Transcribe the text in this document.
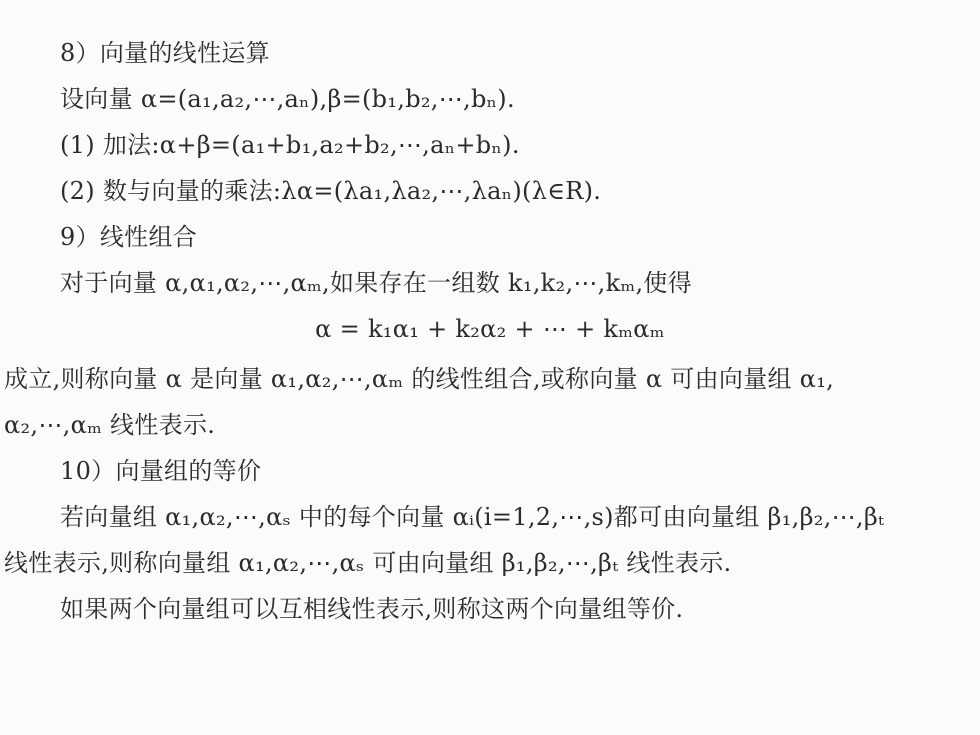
8）向量的线性运算
设向量 α=(a₁,a₂,⋯,aₙ),β=(b₁,b₂,⋯,bₙ).
(1) 加法:α+β=(a₁+b₁,a₂+b₂,⋯,aₙ+bₙ).
(2) 数与向量的乘法:λα=(λa₁,λa₂,⋯,λaₙ)(λ∈R).
9）线性组合
对于向量 α,α₁,α₂,⋯,αₘ,如果存在一组数 k₁,k₂,⋯,kₘ,使得
α = k₁α₁ + k₂α₂ + ⋯ + kₘαₘ
成立,则称向量 α 是向量 α₁,α₂,⋯,αₘ 的线性组合,或称向量 α 可由向量组 α₁,
α₂,⋯,αₘ 线性表示.
10）向量组的等价
若向量组 α₁,α₂,⋯,αₛ 中的每个向量 αᵢ(i=1,2,⋯,s)都可由向量组 β₁,β₂,⋯,βₜ
线性表示,则称向量组 α₁,α₂,⋯,αₛ 可由向量组 β₁,β₂,⋯,βₜ 线性表示.
如果两个向量组可以互相线性表示,则称这两个向量组等价.
